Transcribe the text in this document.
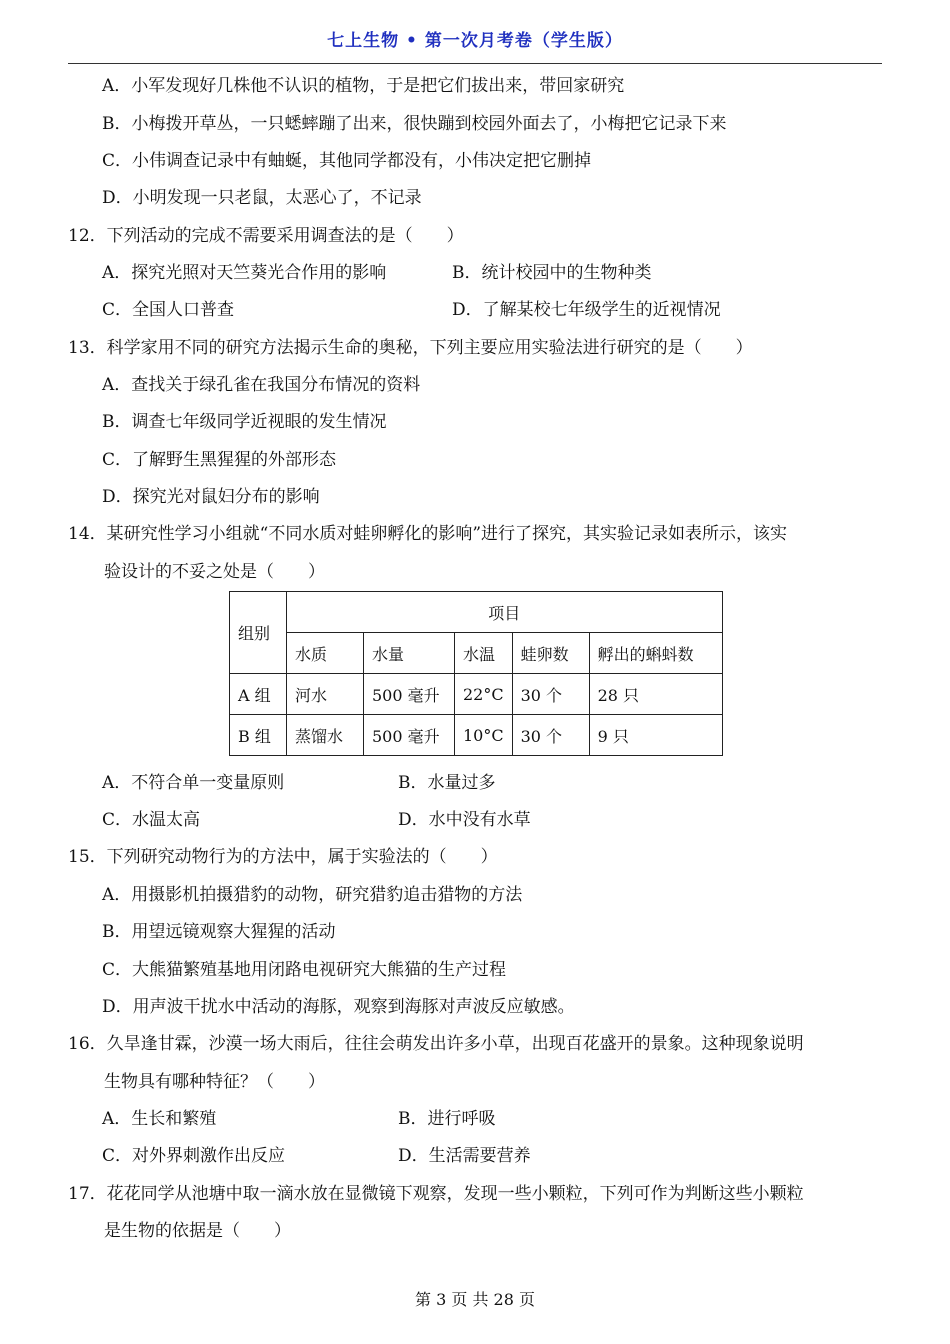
七上生物 • 第一次月考卷（学生版）
A．小军发现好几株他不认识的植物，于是把它们拔出来，带回家研究
B．小梅拨开草丛，一只蟋蟀蹦了出来，很快蹦到校园外面去了，小梅把它记录下来
C．小伟调查记录中有蚰蜒，其他同学都没有，小伟决定把它删掉
D．小明发现一只老鼠，太恶心了，不记录
12．下列活动的完成不需要采用调查法的是（　　）
A．探究光照对天竺葵光合作用的影响	B．统计校园中的生物种类
C．全国人口普查	D．了解某校七年级学生的近视情况
13．科学家用不同的研究方法揭示生命的奥秘，下列主要应用实验法进行研究的是（　　）
A．查找关于绿孔雀在我国分布情况的资料
B．调查七年级同学近视眼的发生情况
C．了解野生黑猩猩的外部形态
D．探究光对鼠妇分布的影响
14．某研究性学习小组就“不同水质对蛙卵孵化的影响”进行了探究，其实验记录如表所示，该实
验设计的不妥之处是（　　）
组别	项目				
	水质	水量	水温	蛙卵数	孵出的蝌蚪数
A 组	河水	500 毫升	22°C	30 个	28 只
B 组	蒸馏水	500 毫升	10°C	30 个	9 只
A．不符合单一变量原则	B．水量过多
C．水温太高	D．水中没有水草
15．下列研究动物行为的方法中，属于实验法的（　　）
A．用摄影机拍摄猎豹的动物，研究猎豹追击猎物的方法
B．用望远镜观察大猩猩的活动
C．大熊猫繁殖基地用闭路电视研究大熊猫的生产过程
D．用声波干扰水中活动的海豚，观察到海豚对声波反应敏感。
16．久旱逢甘霖，沙漠一场大雨后，往往会萌发出许多小草，出现百花盛开的景象。这种现象说明
生物具有哪种特征？（　　）
A．生长和繁殖	B．进行呼吸
C．对外界刺激作出反应	D．生活需要营养
17．花花同学从池塘中取一滴水放在显微镜下观察，发现一些小颗粒，下列可作为判断这些小颗粒
是生物的依据是（　　）
第 3 页 共 28 页
